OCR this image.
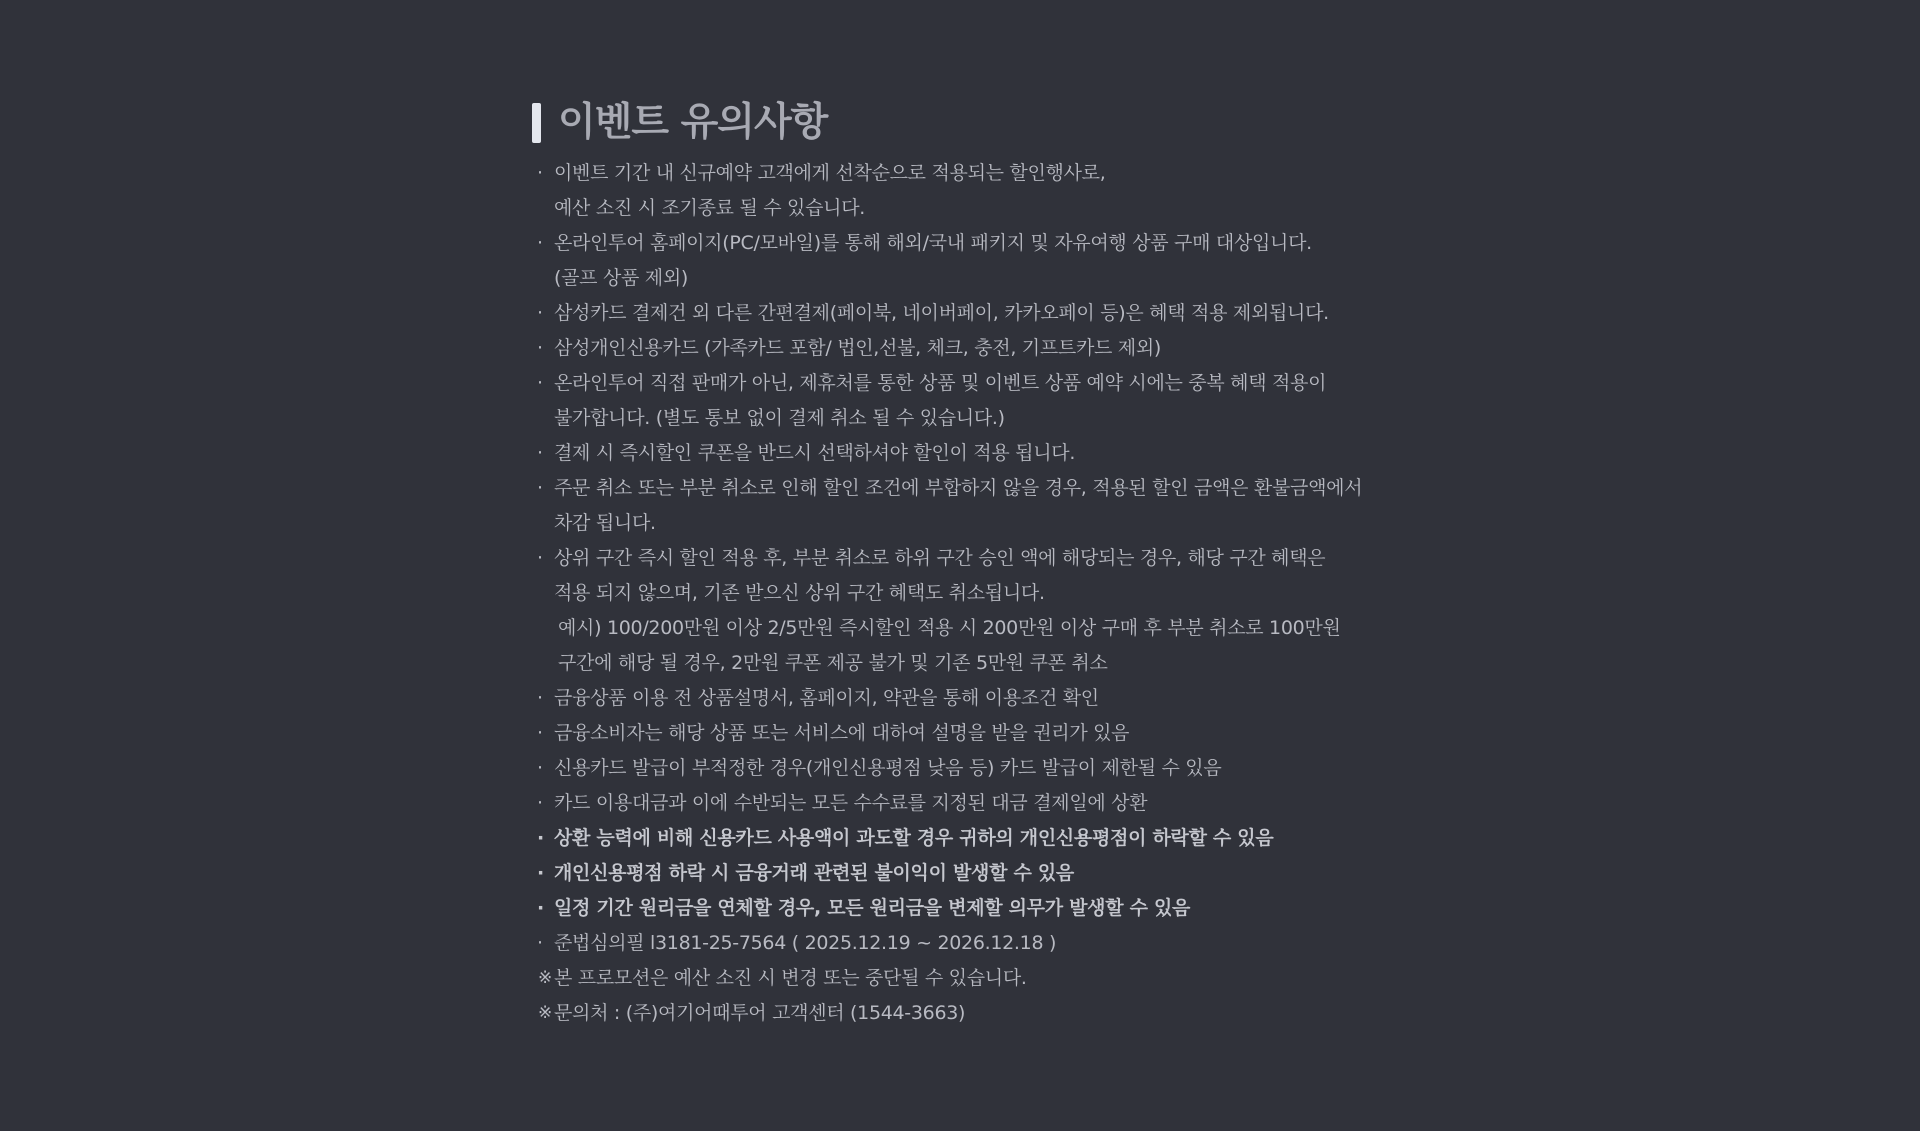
이벤트 유의사항
· 이벤트 기간 내 신규예약 고객에게 선착순으로 적용되는 할인행사로,
예산 소진 시 조기종료 될 수 있습니다.
· 온라인투어 홈페이지(PC/모바일)를 통해 해외/국내 패키지 및 자유여행 상품 구매 대상입니다.
(골프 상품 제외)
· 삼성카드 결제건 외 다른 간편결제(페이북, 네이버페이, 카카오페이 등)은 혜택 적용 제외됩니다.
· 삼성개인신용카드 (가족카드 포함/ 법인,선불, 체크, 충전, 기프트카드 제외)
· 온라인투어 직접 판매가 아닌, 제휴처를 통한 상품 및 이벤트 상품 예약 시에는 중복 혜택 적용이
불가합니다. (별도 통보 없이 결제 취소 될 수 있습니다.)
· 결제 시 즉시할인 쿠폰을 반드시 선택하셔야 할인이 적용 됩니다.
· 주문 취소 또는 부분 취소로 인해 할인 조건에 부합하지 않을 경우, 적용된 할인 금액은 환불금액에서
차감 됩니다.
· 상위 구간 즉시 할인 적용 후, 부분 취소로 하위 구간 승인 액에 해당되는 경우, 해당 구간 혜택은
적용 되지 않으며, 기존 받으신 상위 구간 혜택도 취소됩니다.
예시) 100/200만원 이상 2/5만원 즉시할인 적용 시 200만원 이상 구매 후 부분 취소로 100만원
구간에 해당 될 경우, 2만원 쿠폰 제공 불가 및 기존 5만원 쿠폰 취소
· 금융상품 이용 전 상품설명서, 홈페이지, 약관을 통해 이용조건 확인
· 금융소비자는 해당 상품 또는 서비스에 대하여 설명을 받을 권리가 있음
· 신용카드 발급이 부적정한 경우(개인신용평점 낮음 등) 카드 발급이 제한될 수 있음
· 카드 이용대금과 이에 수반되는 모든 수수료를 지정된 대금 결제일에 상환
· 상환 능력에 비해 신용카드 사용액이 과도할 경우 귀하의 개인신용평점이 하락할 수 있음
· 개인신용평점 하락 시 금융거래 관련된 불이익이 발생할 수 있음
· 일정 기간 원리금을 연체할 경우, 모든 원리금을 변제할 의무가 발생할 수 있음
· 준법심의필 l3181-25-7564 ( 2025.12.19 ~ 2026.12.18 )
※ 본 프로모션은 예산 소진 시 변경 또는 중단될 수 있습니다.
※ 문의처 : (주)여기어때투어 고객센터 (1544-3663)
